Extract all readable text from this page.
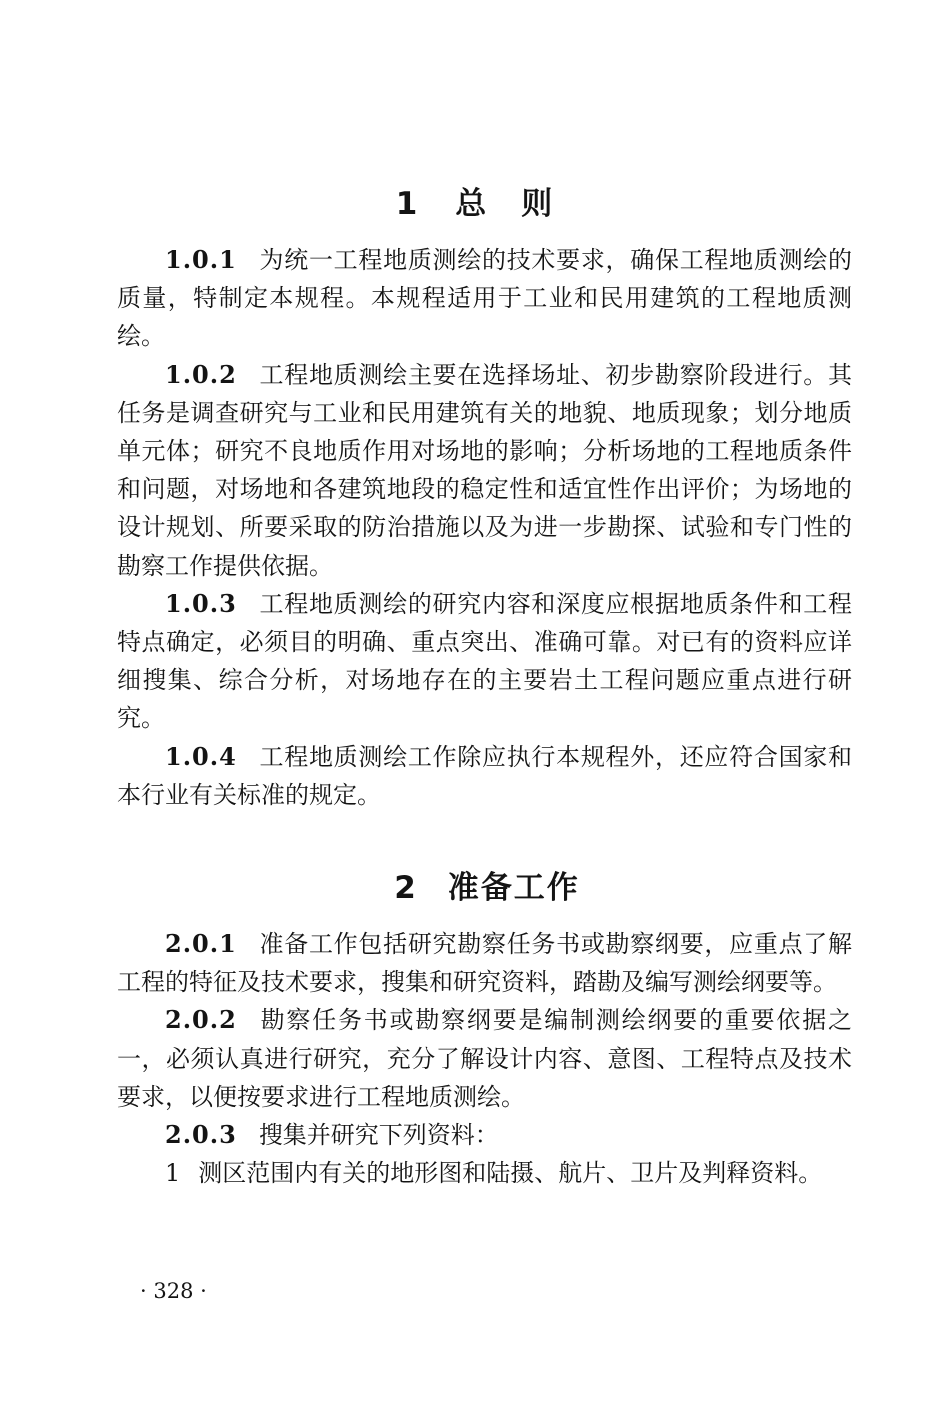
1 总　则

1.0.1 为统一工程地质测绘的技术要求，确保工程地质测绘的质量，特制定本规程。本规程适用于工业和民用建筑的工程地质测绘。

1.0.2 工程地质测绘主要在选择场址、初步勘察阶段进行。其任务是调查研究与工业和民用建筑有关的地貌、地质现象；划分地质单元体；研究不良地质作用对场地的影响；分析场地的工程地质条件和问题，对场地和各建筑地段的稳定性和适宜性作出评价；为场地的设计规划、所要采取的防治措施以及为进一步勘探、试验和专门性的勘察工作提供依据。

1.0.3 工程地质测绘的研究内容和深度应根据地质条件和工程特点确定，必须目的明确、重点突出、准确可靠。对已有的资料应详细搜集、综合分析，对场地存在的主要岩土工程问题应重点进行研究。

1.0.4 工程地质测绘工作除应执行本规程外，还应符合国家和本行业有关标准的规定。

2 准备工作

2.0.1 准备工作包括研究勘察任务书或勘察纲要，应重点了解工程的特征及技术要求，搜集和研究资料，踏勘及编写测绘纲要等。

2.0.2 勘察任务书或勘察纲要是编制测绘纲要的重要依据之一，必须认真进行研究，充分了解设计内容、意图、工程特点及技术要求，以便按要求进行工程地质测绘。

2.0.3 搜集并研究下列资料：

1 测区范围内有关的地形图和陆摄、航片、卫片及判释资料。

· 328 ·
